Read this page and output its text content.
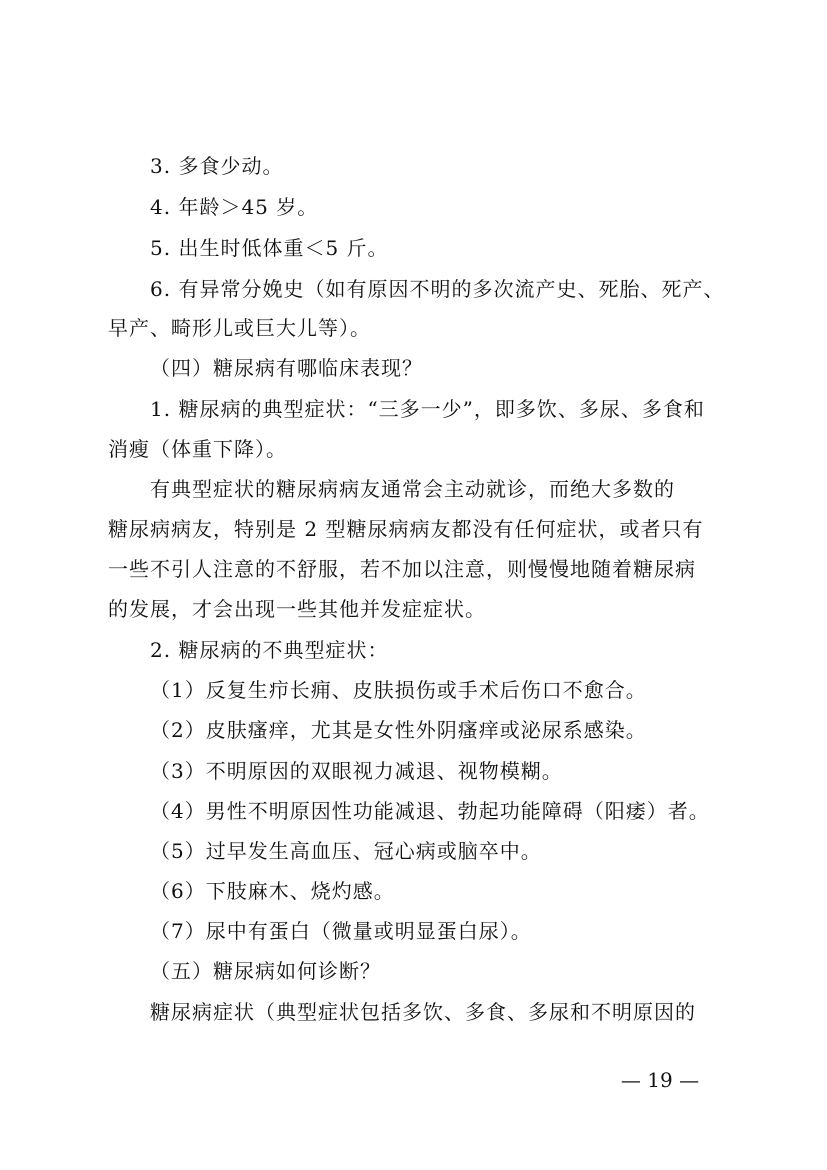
3. 多食少动。
4. 年龄＞45 岁。
5. 出生时低体重＜5 斤。
6. 有异常分娩史（如有原因不明的多次流产史、死胎、死产、
早产、畸形儿或巨大儿等）。
（四）糖尿病有哪临床表现？
1. 糖尿病的典型症状：“三多一少”，即多饮、多尿、多食和
消瘦（体重下降）。
有典型症状的糖尿病病友通常会主动就诊，而绝大多数的
糖尿病病友，特别是 2 型糖尿病病友都没有任何症状，或者只有
一些不引人注意的不舒服，若不加以注意，则慢慢地随着糖尿病
的发展，才会出现一些其他并发症症状。
2. 糖尿病的不典型症状：
（1）反复生疖长痈、皮肤损伤或手术后伤口不愈合。
（2）皮肤瘙痒，尤其是女性外阴瘙痒或泌尿系感染。
（3）不明原因的双眼视力减退、视物模糊。
（4）男性不明原因性功能减退、勃起功能障碍（阳痿）者。
（5）过早发生高血压、冠心病或脑卒中。
（6）下肢麻木、烧灼感。
（7）尿中有蛋白（微量或明显蛋白尿）。
（五）糖尿病如何诊断？
糖尿病症状（典型症状包括多饮、多食、多尿和不明原因的
— 19 —
